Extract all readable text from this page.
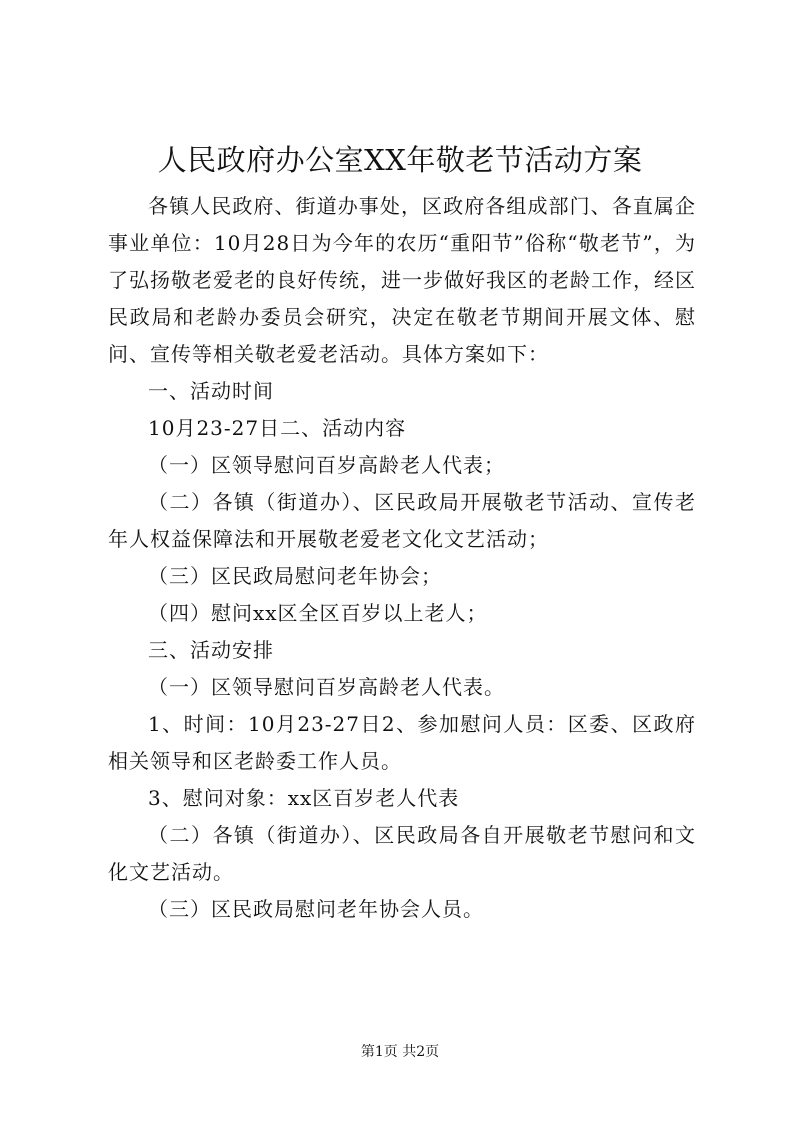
人民政府办公室XX年敬老节活动方案

各镇人民政府、街道办事处，区政府各组成部门、各直属企事业单位：10月28日为今年的农历“重阳节”俗称“敬老节”，为了弘扬敬老爱老的良好传统，进一步做好我区的老龄工作，经区民政局和老龄办委员会研究，决定在敬老节期间开展文体、慰问、宣传等相关敬老爱老活动。具体方案如下：

一、活动时间

10月23-27日二、活动内容

（一）区领导慰问百岁高龄老人代表；

（二）各镇（街道办）、区民政局开展敬老节活动、宣传老年人权益保障法和开展敬老爱老文化文艺活动；

（三）区民政局慰问老年协会；

（四）慰问xx区全区百岁以上老人；

三、活动安排

（一）区领导慰问百岁高龄老人代表。

1、时间：10月23-27日2、参加慰问人员：区委、区政府相关领导和区老龄委工作人员。

3、慰问对象：xx区百岁老人代表

（二）各镇（街道办）、区民政局各自开展敬老节慰问和文化文艺活动。

（三）区民政局慰问老年协会人员。

第1页 共2页
